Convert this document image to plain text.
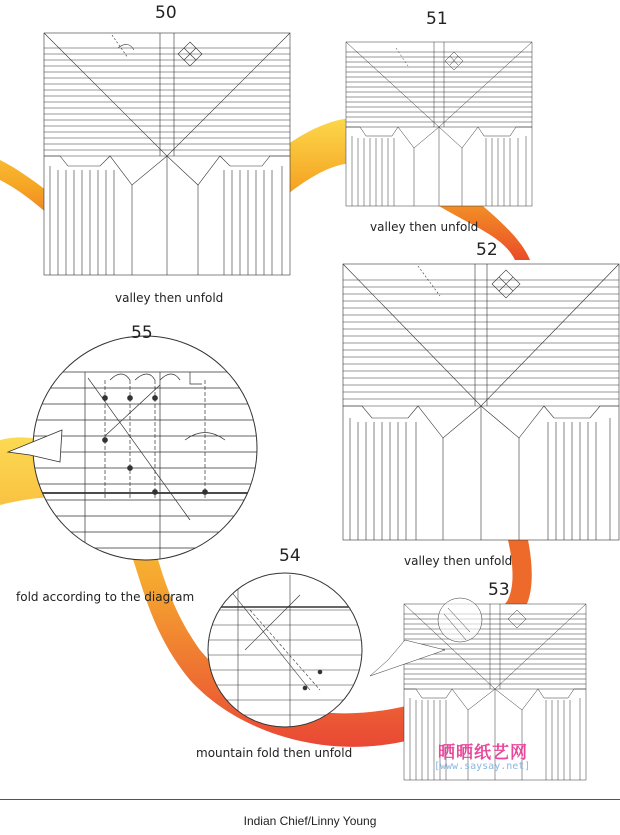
50	51
52
53
54
55
valley then unfold
valley then unfold
valley then unfold
mountain fold then unfold
fold according to the diagram
晒晒纸艺网
[www.saysay.net]
Indian Chief/Linny Young
